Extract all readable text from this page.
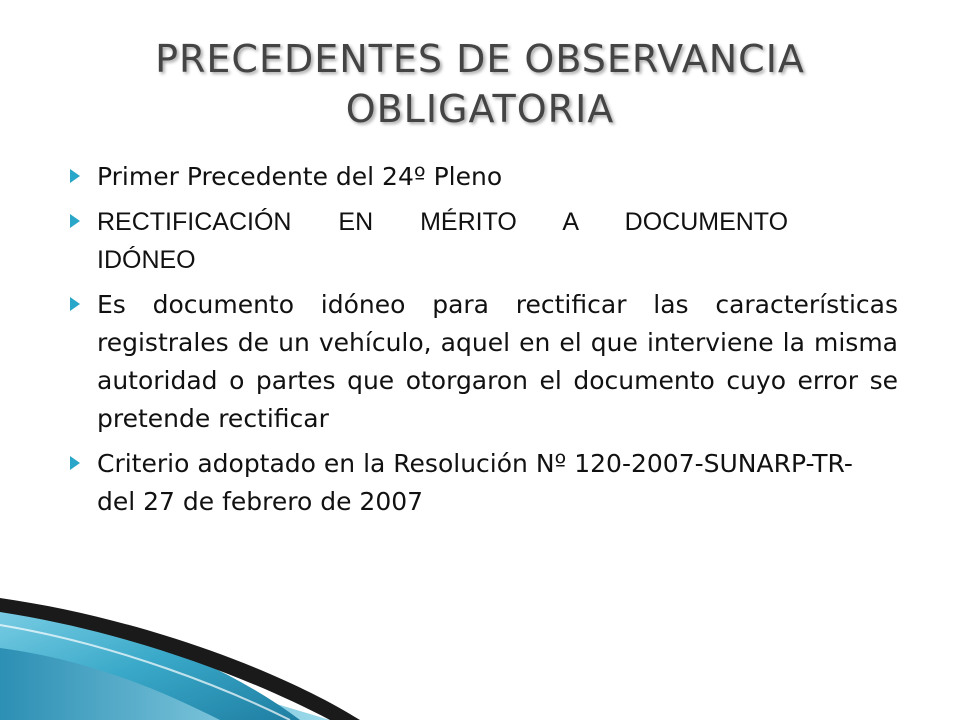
PRECEDENTES DE OBSERVANCIA
OBLIGATORIA
Primer Precedente del 24º Pleno
RECTIFICACIÓN EN MÉRITO A DOCUMENTO
IDÓNEO
Es documento idóneo para rectificar las características registrales de un vehículo, aquel en el que interviene la misma autoridad o partes que otorgaron el documento cuyo error se pretende rectificar
Criterio adoptado en la Resolución Nº 120-2007-SUNARP-TR- del 27 de febrero de 2007
